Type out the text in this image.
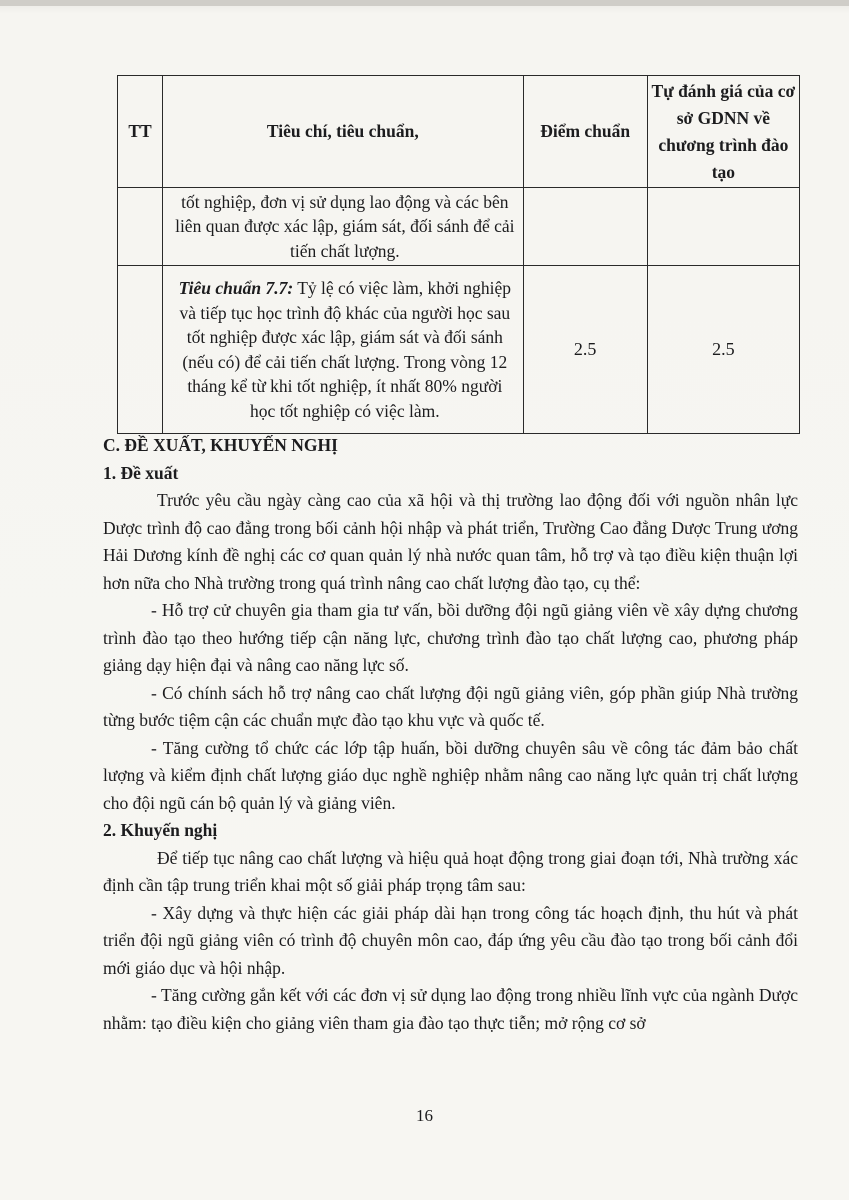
TT	Tiêu chí, tiêu chuẩn,	Điểm chuẩn	Tự đánh giá của cơ sở GDNN về chương trình đào tạo
	tốt nghiệp, đơn vị sử dụng lao động và các bên liên quan được xác lập, giám sát, đối sánh để cải tiến chất lượng.		
	Tiêu chuẩn 7.7: Tỷ lệ có việc làm, khởi nghiệp và tiếp tục học trình độ khác của người học sau tốt nghiệp được xác lập, giám sát và đối sánh (nếu có) để cải tiến chất lượng. Trong vòng 12 tháng kể từ khi tốt nghiệp, ít nhất 80% người học tốt nghiệp có việc làm.	2.5	2.5

C. ĐỀ XUẤT, KHUYẾN NGHỊ

1. Đề xuất

Trước yêu cầu ngày càng cao của xã hội và thị trường lao động đối với nguồn nhân lực Dược trình độ cao đẳng trong bối cảnh hội nhập và phát triển, Trường Cao đẳng Dược Trung ương Hải Dương kính đề nghị các cơ quan quản lý nhà nước quan tâm, hỗ trợ và tạo điều kiện thuận lợi hơn nữa cho Nhà trường trong quá trình nâng cao chất lượng đào tạo, cụ thể:

- Hỗ trợ cử chuyên gia tham gia tư vấn, bồi dưỡng đội ngũ giảng viên về xây dựng chương trình đào tạo theo hướng tiếp cận năng lực, chương trình đào tạo chất lượng cao, phương pháp giảng dạy hiện đại và nâng cao năng lực số.

- Có chính sách hỗ trợ nâng cao chất lượng đội ngũ giảng viên, góp phần giúp Nhà trường từng bước tiệm cận các chuẩn mực đào tạo khu vực và quốc tế.

- Tăng cường tổ chức các lớp tập huấn, bồi dưỡng chuyên sâu về công tác đảm bảo chất lượng và kiểm định chất lượng giáo dục nghề nghiệp nhằm nâng cao năng lực quản trị chất lượng cho đội ngũ cán bộ quản lý và giảng viên.

2. Khuyến nghị

Để tiếp tục nâng cao chất lượng và hiệu quả hoạt động trong giai đoạn tới, Nhà trường xác định cần tập trung triển khai một số giải pháp trọng tâm sau:

- Xây dựng và thực hiện các giải pháp dài hạn trong công tác hoạch định, thu hút và phát triển đội ngũ giảng viên có trình độ chuyên môn cao, đáp ứng yêu cầu đào tạo trong bối cảnh đổi mới giáo dục và hội nhập.

- Tăng cường gắn kết với các đơn vị sử dụng lao động trong nhiều lĩnh vực của ngành Dược nhằm: tạo điều kiện cho giảng viên tham gia đào tạo thực tiễn; mở rộng cơ sở

16
